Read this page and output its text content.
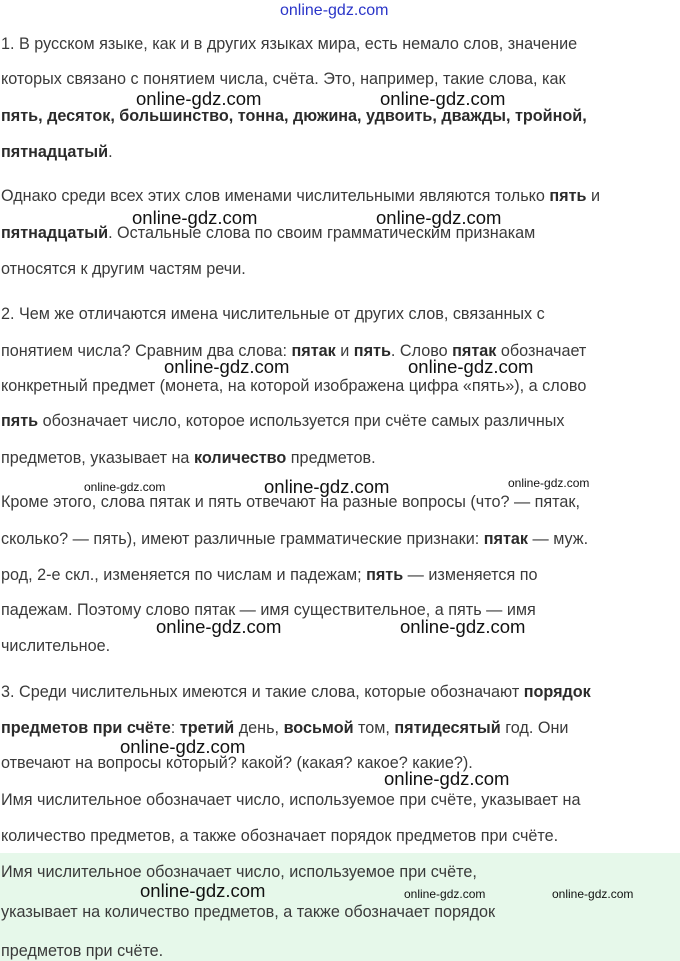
online-gdz.com
1. В русском языке, как и в других языках мира, есть немало слов, значение
которых связано с понятием числа, счёта. Это, например, такие слова, как
пять, десяток, большинство, тонна, дюжина, удвоить, дважды, тройной,
пятнадцатый.
Однако среди всех этих слов именами числительными являются только пять и
пятнадцатый. Остальные слова по своим грамматическим признакам
относятся к другим частям речи.
2. Чем же отличаются имена числительные от других слов, связанных с
понятием числа? Сравним два слова: пятак и пять. Слово пятак обозначает
конкретный предмет (монета, на которой изображена цифра «пять»), а слово
пять обозначает число, которое используется при счёте самых различных
предметов, указывает на количество предметов.
Кроме этого, слова пятак и пять отвечают на разные вопросы (что? — пятак,
сколько? — пять), имеют различные грамматические признаки: пятак — муж.
род, 2-е скл., изменяется по числам и падежам; пять — изменяется по
падежам. Поэтому слово пятак — имя существительное, а пять — имя
числительное.
3. Среди числительных имеются и такие слова, которые обозначают порядок
предметов при счёте: третий день, восьмой том, пятидесятый год. Они
отвечают на вопросы который? какой? (какая? какое? какие?).
Имя числительное обозначает число, используемое при счёте, указывает на
количество предметов, а также обозначает порядок предметов при счёте.
Имя числительное обозначает число, используемое при счёте,
указывает на количество предметов, а также обозначает порядок
предметов при счёте.
online-gdz.com	online-gdz.com
online-gdz.com	online-gdz.com
online-gdz.com	online-gdz.com
online-gdz.com	online-gdz.com
online-gdz.com
online-gdz.com	online-gdz.com
online-gdz.com
online-gdz.com
online-gdz.com	online-gdz.com	online-gdz.com
